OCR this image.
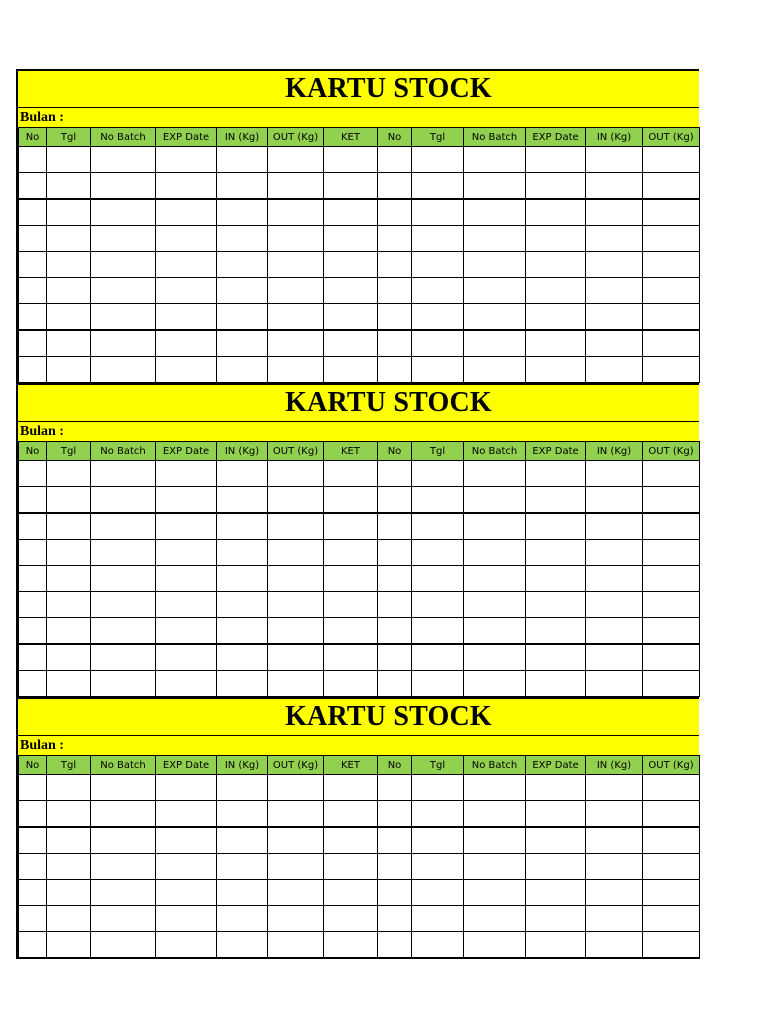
KARTU STOCK
Bulan :
No	Tgl	No Batch	EXP Date	IN (Kg)	OUT (Kg)	KET	No	Tgl	No Batch	EXP Date	IN (Kg)	OUT (Kg)

KARTU STOCK
Bulan :
No	Tgl	No Batch	EXP Date	IN (Kg)	OUT (Kg)	KET	No	Tgl	No Batch	EXP Date	IN (Kg)	OUT (Kg)

KARTU STOCK
Bulan :
No	Tgl	No Batch	EXP Date	IN (Kg)	OUT (Kg)	KET	No	Tgl	No Batch	EXP Date	IN (Kg)	OUT (Kg)
